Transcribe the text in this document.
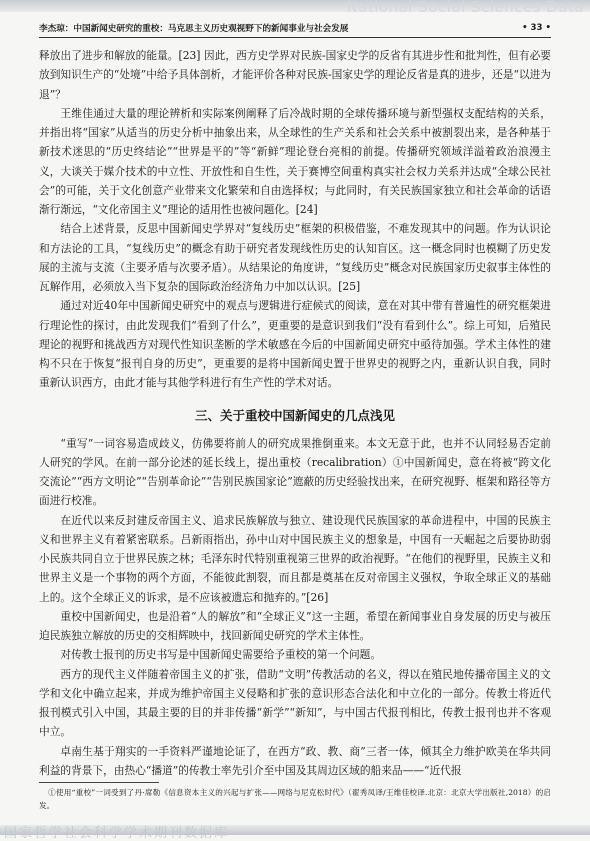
National Social Sciences Data
李杰琼：中国新闻史研究的重校：马克思主义历史观视野下的新闻事业与社会发展	• 33 •

释放出了进步和解放的能量。[23] 因此，西方史学界对民族-国家史学的反省有其进步性和批判性，但有必要放到知识生产的“处境”中给予具体剖析，才能评价各种对民族-国家史学的理论反省是真的进步，还是“以进为退”？

王维佳通过大量的理论辨析和实际案例阐释了后冷战时期的全球传播环境与新型强权支配结构的关系，并指出将“国家”从适当的历史分析中抽象出来，从全球性的生产关系和社会关系中被割裂出来，是各种基于新技术迷思的“历史终结论”“世界是平的”等“新鲜”理论登台亮相的前提。传播研究领域洋溢着政治浪漫主义，大谈关于媒介技术的中立性、开放性和自生性，关于赛博空间重构真实社会权力关系并达成“全球公民社会”的可能，关于文化创意产业带来文化繁荣和自由选择权；与此同时，有关民族国家独立和社会革命的话语渐行渐远，“文化帝国主义”理论的适用性也被问题化。[24]

结合上述背景，反思中国新闻史学界对“复线历史”框架的积极借鉴，不难发现其中的问题。作为认识论和方法论的工具，“复线历史”的概念有助于研究者发现线性历史的认知盲区。这一概念同时也模糊了历史发展的主流与支流（主要矛盾与次要矛盾）。从结果论的角度讲，“复线历史”概念对民族国家历史叙事主体性的瓦解作用，必须放入当下复杂的国际政治经济角力中加以认识。[25]

通过对近40年中国新闻史研究中的观点与逻辑进行症候式的阅读，意在对其中带有普遍性的研究框架进行理论性的探讨，由此发现我们“看到了什么”，更重要的是意识到我们“没有看到什么”。综上可知，后殖民理论的视野和挑战西方对现代性知识垄断的学术敏感在今后的中国新闻史研究中亟待加强。学术主体性的建构不只在于恢复“报刊自身的历史”，更重要的是将中国新闻史置于世界史的视野之内，重新认识自我，同时重新认识西方，由此才能与其他学科进行有生产性的学术对话。

三、关于重校中国新闻史的几点浅见

“重写”一词容易造成歧义，仿佛要将前人的研究成果推倒重来。本文无意于此，也并不认同轻易否定前人研究的学风。在前一部分论述的延长线上，提出重校（recalibration）①中国新闻史，意在将被“跨文化交流论”“西方文明论”“告别革命论”“告别民族国家论”遮蔽的历史经验找出来，在研究视野、框架和路径等方面进行校准。

在近代以来反封建反帝国主义、追求民族解放与独立、建设现代民族国家的革命进程中，中国的民族主义和世界主义有着紧密联系。吕新雨指出，孙中山对中国民族主义的想象是，中国有一天崛起之后要协助弱小民族共同自立于世界民族之林；毛泽东时代特别重视第三世界的政治视野。“在他们的视野里，民族主义和世界主义是一个事物的两个方面，不能彼此割裂，而且都是奠基在反对帝国主义强权，争取全球正义的基础上的。这个全球正义的诉求，是不应该被遗忘和抛弃的。”[26]

重校中国新闻史，也是沿着“人的解放”和“全球正义”这一主题，希望在新闻事业自身发展的历史与被压迫民族独立解放的历史的交相辉映中，找回新闻史研究的学术主体性。

对传教士报刊的历史书写是中国新闻史需要给予重校的第一个问题。

西方的现代主义伴随着帝国主义的扩张，借助“文明”传教活动的名义，得以在殖民地传播帝国主义的文学和文化中确立起来，并成为维护帝国主义侵略和扩张的意识形态合法化和中立化的一部分。传教士将近代报刊模式引入中国，其最主要的目的并非传播“新学”“新知”，与中国古代报刊相比，传教士报刊也并不客观中立。

卓南生基于翔实的一手资料严谨地论证了，在西方“政、教、商”三者一体，倾其全力维护欧美在华共同利益的背景下，由热心“播道”的传教士率先引介至中国及其周边区域的船来品——“近代报

①使用“重校”一词受到了丹·席勒《信息资本主义的兴起与扩张——网络与尼克松时代》（翟秀凤译/王维佳校译.北京：北京大学出版社,2018）的启发。
国家哲学社会科学学术期刊数据库
